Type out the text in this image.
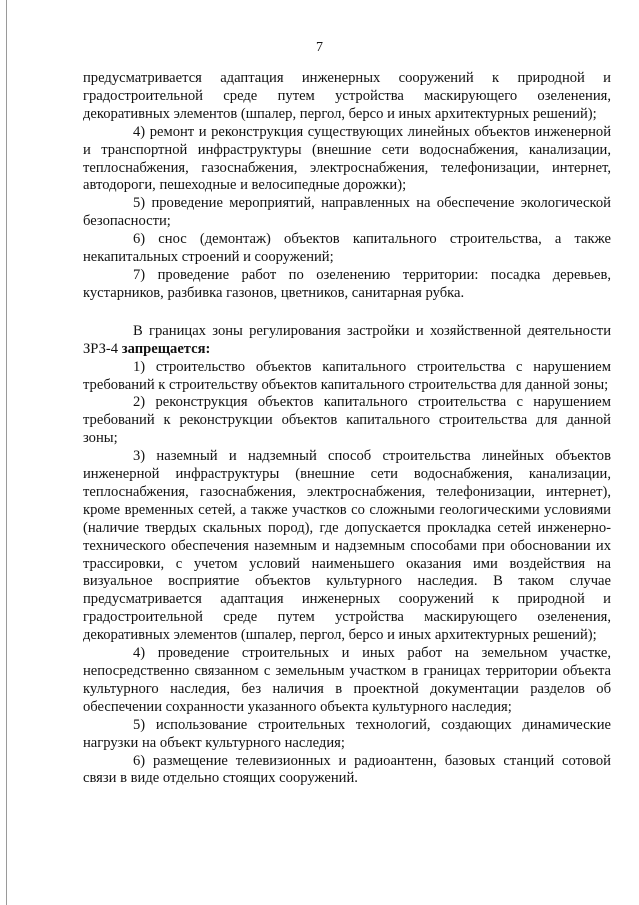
7

предусматривается адаптация инженерных сооружений к природной и градостроительной среде путем устройства маскирующего озеленения, декоративных элементов (шпалер, пергол, берсо и иных архитектурных решений);

4) ремонт и реконструкция существующих линейных объектов инженерной и транспортной инфраструктуры (внешние сети водоснабжения, канализации, теплоснабжения, газоснабжения, электроснабжения, телефонизации, интернет, автодороги, пешеходные и велосипедные дорожки);

5) проведение мероприятий, направленных на обеспечение экологической безопасности;

6) снос (демонтаж) объектов капитального строительства, а также некапитальных строений и сооружений;

7) проведение работ по озеленению территории: посадка деревьев, кустарников, разбивка газонов, цветников, санитарная рубка.

В границах зоны регулирования застройки и хозяйственной деятельности ЗРЗ-4 запрещается:

1) строительство объектов капитального строительства с нарушением требований к строительству объектов капитального строительства для данной зоны;

2) реконструкция объектов капитального строительства с нарушением требований к реконструкции объектов капитального строительства для данной зоны;

3) наземный и надземный способ строительства линейных объектов инженерной инфраструктуры (внешние сети водоснабжения, канализации, теплоснабжения, газоснабжения, электроснабжения, телефонизации, интернет), кроме временных сетей, а также участков со сложными геологическими условиями (наличие твердых скальных пород), где допускается прокладка сетей инженерно-технического обеспечения наземным и надземным способами при обосновании их трассировки, с учетом условий наименьшего оказания ими воздействия на визуальное восприятие объектов культурного наследия. В таком случае предусматривается адаптация инженерных сооружений к природной и градостроительной среде путем устройства маскирующего озеленения, декоративных элементов (шпалер, пергол, берсо и иных архитектурных решений);

4) проведение строительных и иных работ на земельном участке, непосредственно связанном с земельным участком в границах территории объекта культурного наследия, без наличия в проектной документации разделов об обеспечении сохранности указанного объекта культурного наследия;

5) использование строительных технологий, создающих динамические нагрузки на объект культурного наследия;

6) размещение телевизионных и радиоантенн, базовых станций сотовой связи в виде отдельно стоящих сооружений.
